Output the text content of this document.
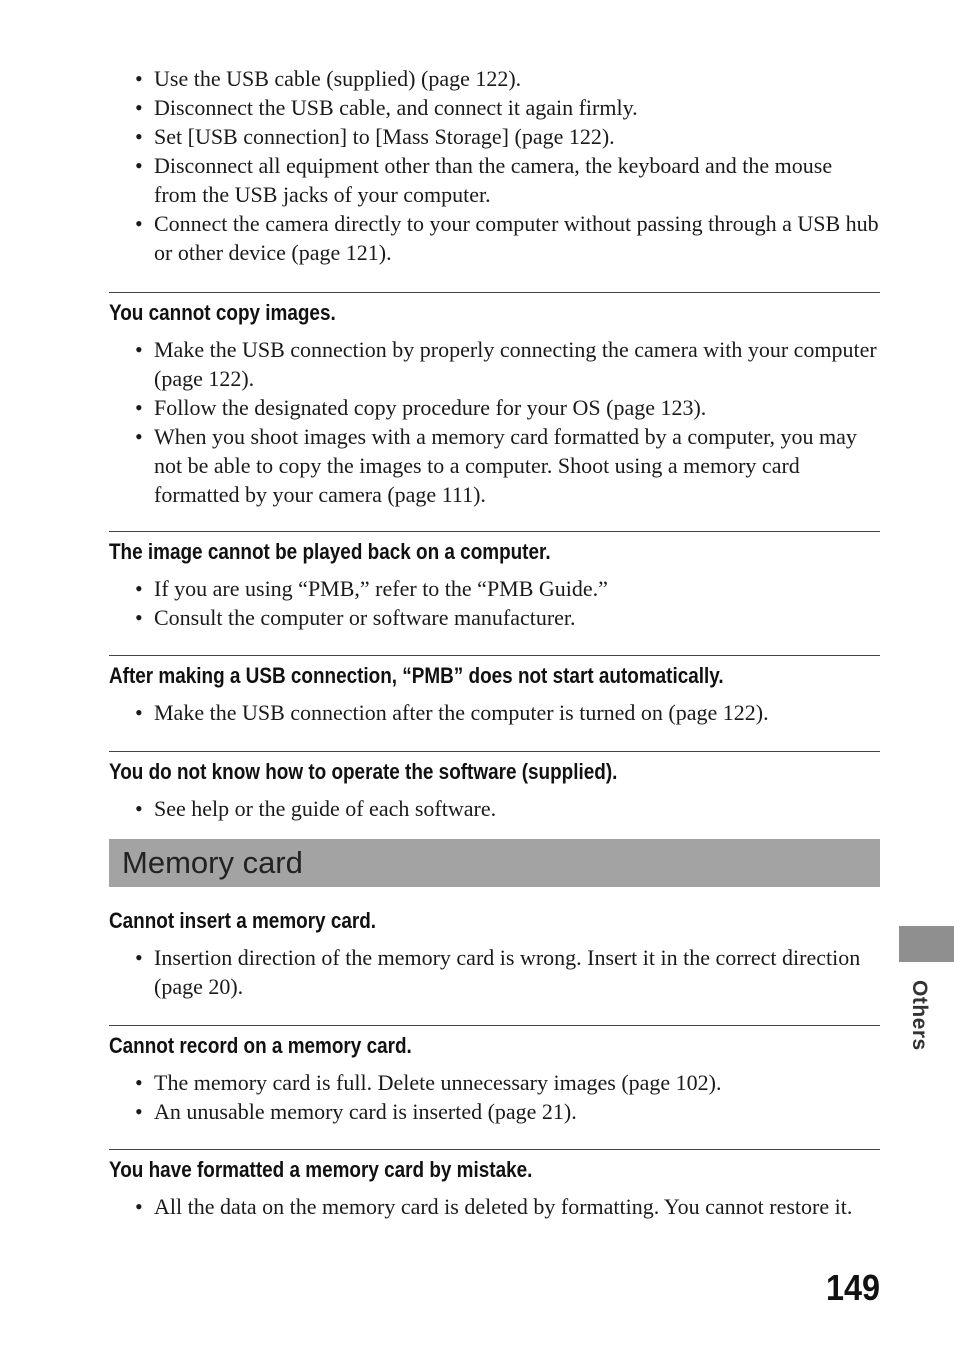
• Use the USB cable (supplied) (page 122).
• Disconnect the USB cable, and connect it again firmly.
• Set [USB connection] to [Mass Storage] (page 122).
• Disconnect all equipment other than the camera, the keyboard and the mouse from the USB jacks of your computer.
• Connect the camera directly to your computer without passing through a USB hub or other device (page 121).
You cannot copy images.
• Make the USB connection by properly connecting the camera with your computer (page 122).
• Follow the designated copy procedure for your OS (page 123).
• When you shoot images with a memory card formatted by a computer, you may not be able to copy the images to a computer. Shoot using a memory card formatted by your camera (page 111).
The image cannot be played back on a computer.
• If you are using “PMB,” refer to the “PMB Guide.”
• Consult the computer or software manufacturer.
After making a USB connection, “PMB” does not start automatically.
• Make the USB connection after the computer is turned on (page 122).
You do not know how to operate the software (supplied).
• See help or the guide of each software.
Memory card
Cannot insert a memory card.
• Insertion direction of the memory card is wrong. Insert it in the correct direction (page 20).
Cannot record on a memory card.
• The memory card is full. Delete unnecessary images (page 102).
• An unusable memory card is inserted (page 21).
You have formatted a memory card by mistake.
• All the data on the memory card is deleted by formatting. You cannot restore it.
Others
149
